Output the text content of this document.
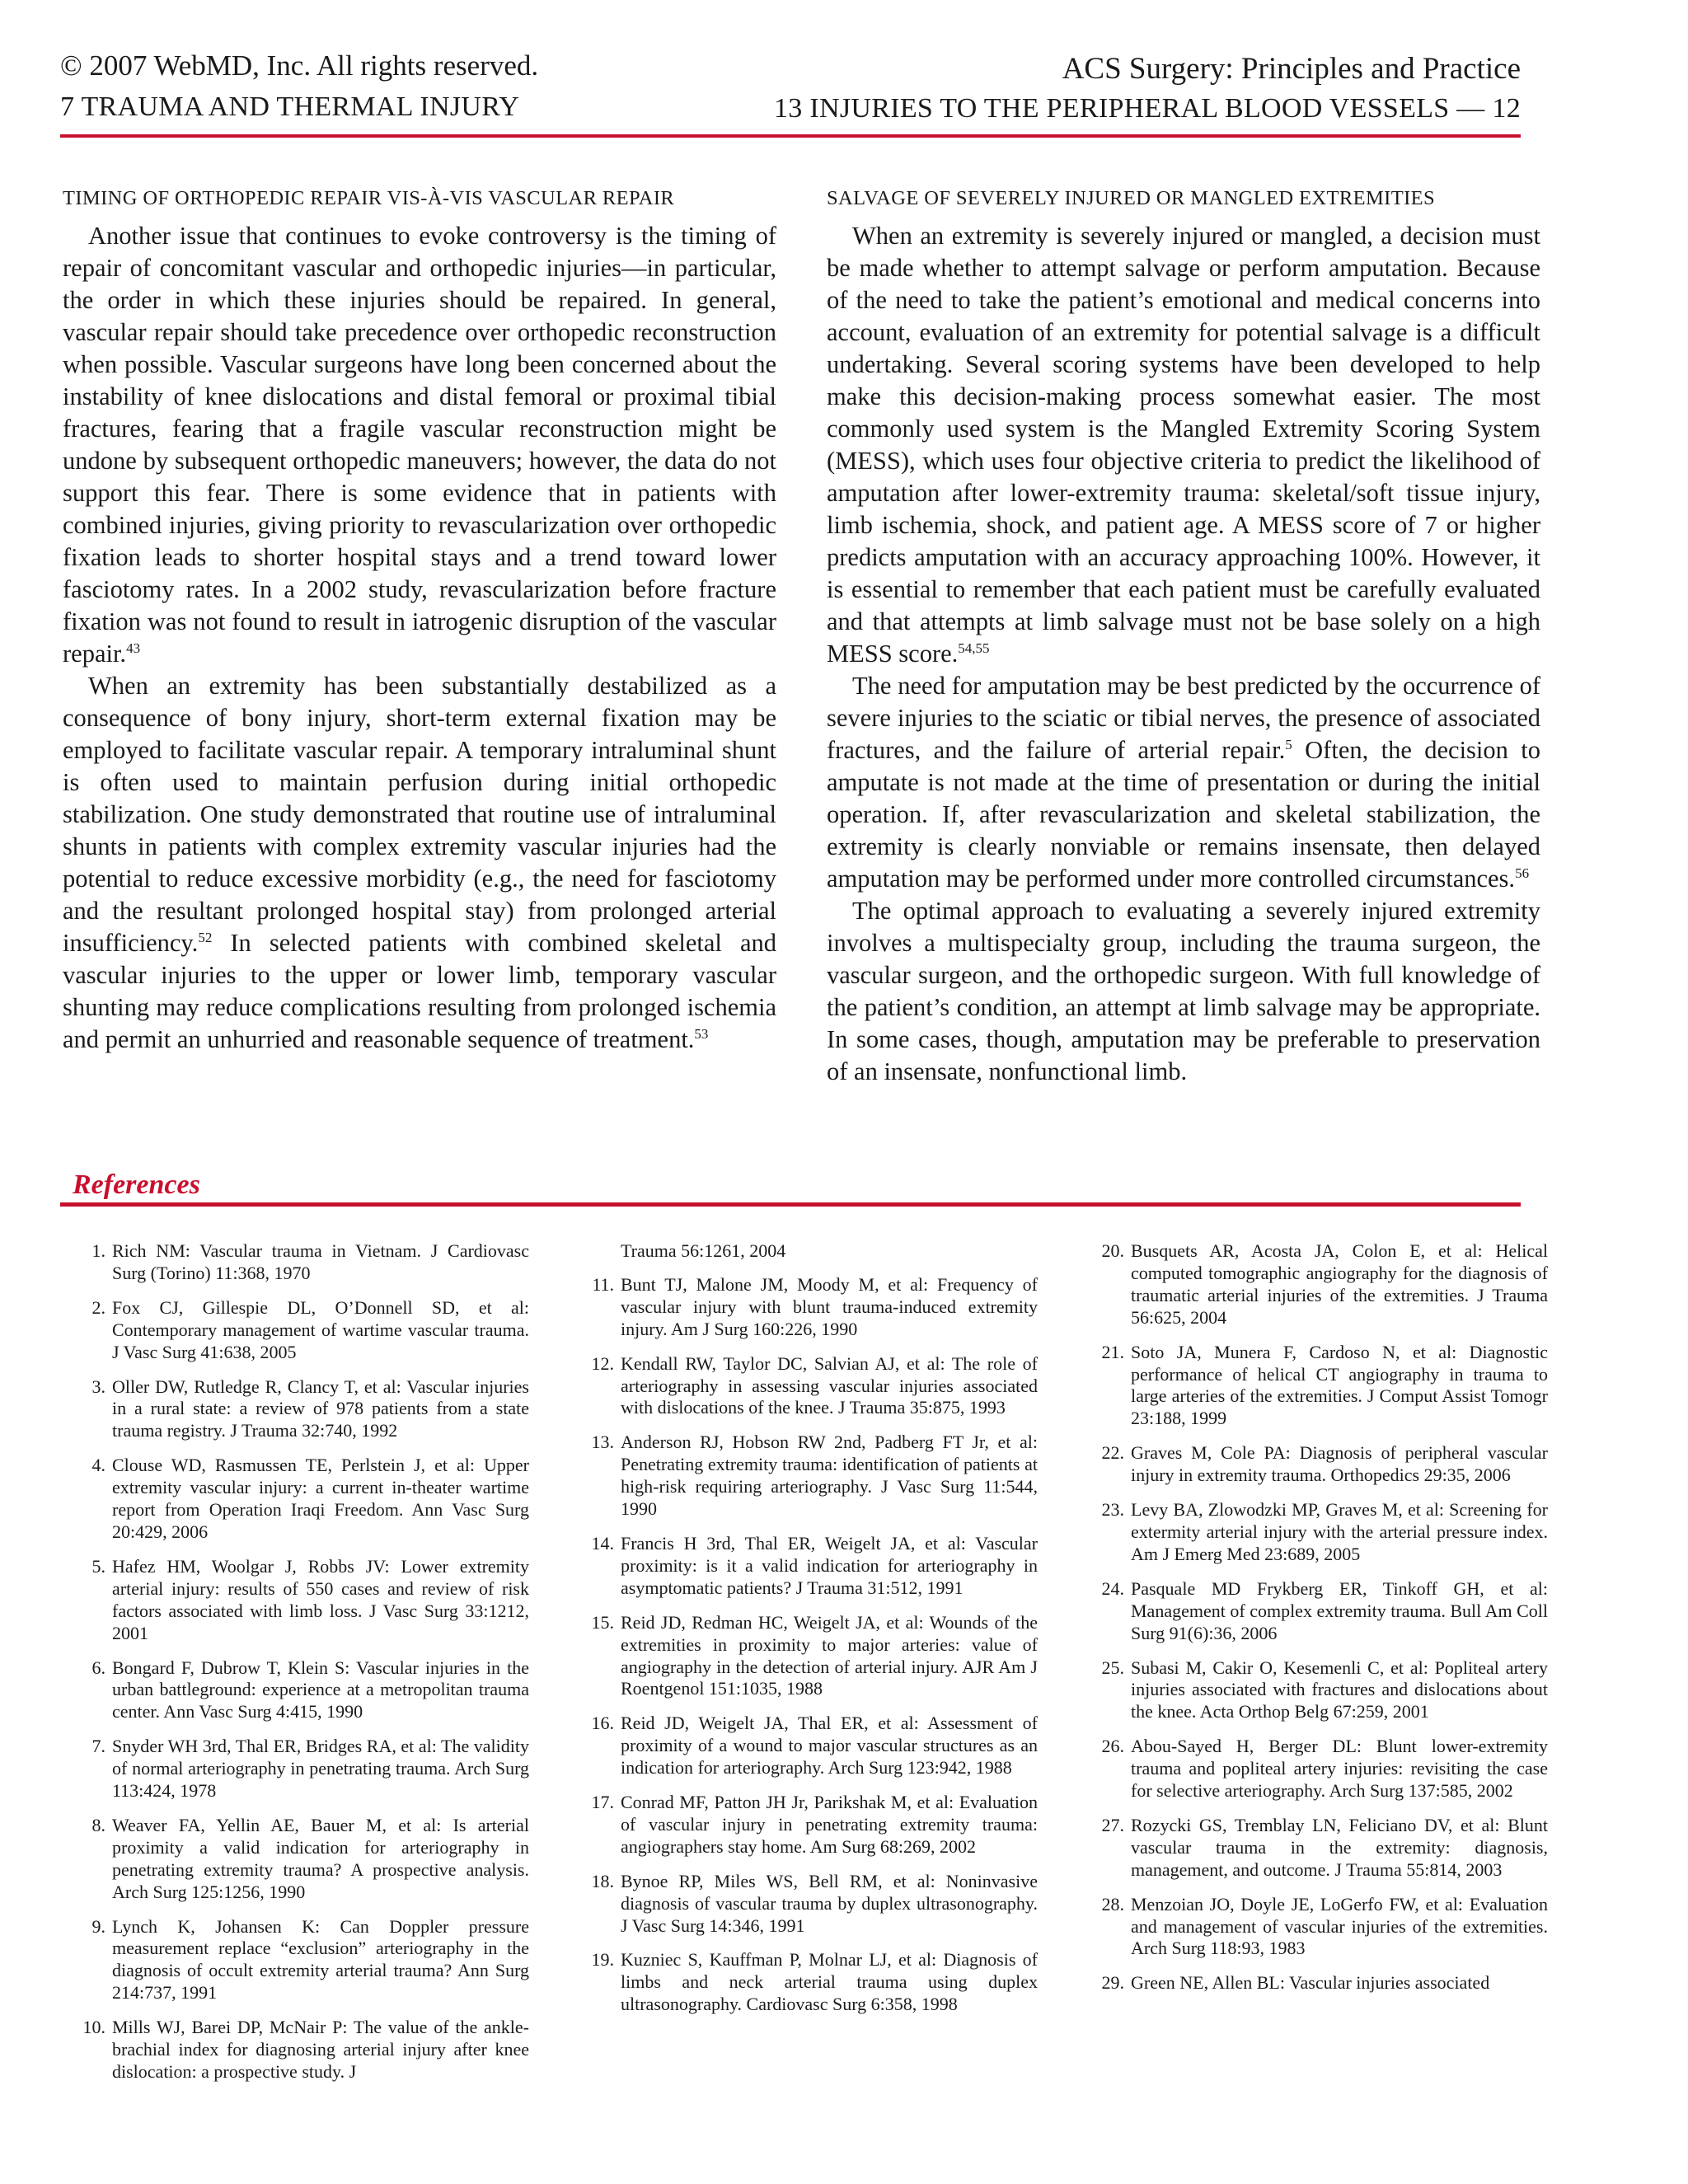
© 2007 WebMD, Inc. All rights reserved.	ACS Surgery: Principles and Practice
7 TRAUMA AND THERMAL INJURY	13 INJURIES TO THE PERIPHERAL BLOOD VESSELS — 12
TIMING OF ORTHOPEDIC REPAIR VIS-À-VIS VASCULAR REPAIR

Another issue that continues to evoke controversy is the timing of repair of concomitant vascular and orthopedic injuries—in particular, the order in which these injuries should be repaired. In general, vascular repair should take precedence over orthopedic reconstruction when possible. Vascular surgeons have long been concerned about the instability of knee dislocations and distal femoral or proximal tibial fractures, fearing that a fragile vascular reconstruction might be undone by subsequent orthopedic maneuvers; however, the data do not support this fear. There is some evidence that in patients with combined injuries, giving priority to revascularization over orthopedic fixation leads to shorter hospital stays and a trend toward lower fasciotomy rates. In a 2002 study, revascularization before fracture fixation was not found to result in iatrogenic disruption of the vascular repair.$^{43}$

When an extremity has been substantially destabilized as a consequence of bony injury, short-term external fixation may be employed to facilitate vascular repair. A temporary intraluminal shunt is often used to maintain perfusion during initial orthopedic stabilization. One study demonstrated that routine use of intraluminal shunts in patients with complex extremity vascular injuries had the potential to reduce excessive morbidity (e.g., the need for fasciotomy and the resultant prolonged hospital stay) from prolonged arterial insufficiency.$^{52}$ In selected patients with combined skeletal and vascular injuries to the upper or lower limb, temporary vascular shunting may reduce complications resulting from prolonged ischemia and permit an unhurried and reasonable sequence of treatment.$^{53}$

SALVAGE OF SEVERELY INJURED OR MANGLED EXTREMITIES

When an extremity is severely injured or mangled, a decision must be made whether to attempt salvage or perform amputation. Because of the need to take the patient’s emotional and medical concerns into account, evaluation of an extremity for potential salvage is a difficult undertaking. Several scoring systems have been developed to help make this decision-making process somewhat easier. The most commonly used system is the Mangled Extremity Scoring System (MESS), which uses four objective criteria to predict the likelihood of amputation after lower-extremity trauma: skeletal/soft tissue injury, limb ischemia, shock, and patient age. A MESS score of 7 or higher predicts amputation with an accuracy approaching 100%. However, it is essential to remember that each patient must be carefully evaluated and that attempts at limb salvage must not be base solely on a high MESS score.$^{54,55}$

The need for amputation may be best predicted by the occurrence of severe injuries to the sciatic or tibial nerves, the presence of associated fractures, and the failure of arterial repair.$^5$ Often, the decision to amputate is not made at the time of presentation or during the initial operation. If, after revascularization and skeletal stabilization, the extremity is clearly nonviable or remains insensate, then delayed amputation may be performed under more controlled circumstances.$^{56}$

The optimal approach to evaluating a severely injured extremity involves a multispecialty group, including the trauma surgeon, the vascular surgeon, and the orthopedic surgeon. With full knowledge of the patient’s condition, an attempt at limb salvage may be appropriate. In some cases, though, amputation may be preferable to preservation of an insensate, nonfunctional limb.

References
1. Rich NM: Vascular trauma in Vietnam. J Cardiovasc Surg (Torino) 11:368, 1970
2. Fox CJ, Gillespie DL, O’Donnell SD, et al: Contemporary management of wartime vascular trauma. J Vasc Surg 41:638, 2005
3. Oller DW, Rutledge R, Clancy T, et al: Vascular injuries in a rural state: a review of 978 patients from a state trauma registry. J Trauma 32:740, 1992
4. Clouse WD, Rasmussen TE, Perlstein J, et al: Upper extremity vascular injury: a current in-theater wartime report from Operation Iraqi Freedom. Ann Vasc Surg 20:429, 2006
5. Hafez HM, Woolgar J, Robbs JV: Lower extremity arterial injury: results of 550 cases and review of risk factors associated with limb loss. J Vasc Surg 33:1212, 2001
6. Bongard F, Dubrow T, Klein S: Vascular injuries in the urban battleground: experience at a metropolitan trauma center. Ann Vasc Surg 4:415, 1990
7. Snyder WH 3rd, Thal ER, Bridges RA, et al: The validity of normal arteriography in penetrating trauma. Arch Surg 113:424, 1978
8. Weaver FA, Yellin AE, Bauer M, et al: Is arterial proximity a valid indication for arteriography in penetrating extremity trauma? A prospective analysis. Arch Surg 125:1256, 1990
9. Lynch K, Johansen K: Can Doppler pressure measurement replace “exclusion” arteriography in the diagnosis of occult extremity arterial trauma? Ann Surg 214:737, 1991
10. Mills WJ, Barei DP, McNair P: The value of the ankle-brachial index for diagnosing arterial injury after knee dislocation: a prospective study. J
Trauma 56:1261, 2004
11. Bunt TJ, Malone JM, Moody M, et al: Frequency of vascular injury with blunt trauma-induced extremity injury. Am J Surg 160:226, 1990
12. Kendall RW, Taylor DC, Salvian AJ, et al: The role of arteriography in assessing vascular injuries associated with dislocations of the knee. J Trauma 35:875, 1993
13. Anderson RJ, Hobson RW 2nd, Padberg FT Jr, et al: Penetrating extremity trauma: identification of patients at high-risk requiring arteriography. J Vasc Surg 11:544, 1990
14. Francis H 3rd, Thal ER, Weigelt JA, et al: Vascular proximity: is it a valid indication for arteriography in asymptomatic patients? J Trauma 31:512, 1991
15. Reid JD, Redman HC, Weigelt JA, et al: Wounds of the extremities in proximity to major arteries: value of angiography in the detection of arterial injury. AJR Am J Roentgenol 151:1035, 1988
16. Reid JD, Weigelt JA, Thal ER, et al: Assessment of proximity of a wound to major vascular structures as an indication for arteriography. Arch Surg 123:942, 1988
17. Conrad MF, Patton JH Jr, Parikshak M, et al: Evaluation of vascular injury in penetrating extremity trauma: angiographers stay home. Am Surg 68:269, 2002
18. Bynoe RP, Miles WS, Bell RM, et al: Noninvasive diagnosis of vascular trauma by duplex ultrasonography. J Vasc Surg 14:346, 1991
19. Kuzniec S, Kauffman P, Molnar LJ, et al: Diagnosis of limbs and neck arterial trauma using duplex ultrasonography. Cardiovasc Surg 6:358, 1998
20. Busquets AR, Acosta JA, Colon E, et al: Helical computed tomographic angiography for the diagnosis of traumatic arterial injuries of the extremities. J Trauma 56:625, 2004
21. Soto JA, Munera F, Cardoso N, et al: Diagnostic performance of helical CT angiography in trauma to large arteries of the extremities. J Comput Assist Tomogr 23:188, 1999
22. Graves M, Cole PA: Diagnosis of peripheral vascular injury in extremity trauma. Orthopedics 29:35, 2006
23. Levy BA, Zlowodzki MP, Graves M, et al: Screening for extermity arterial injury with the arterial pressure index. Am J Emerg Med 23:689, 2005
24. Pasquale MD Frykberg ER, Tinkoff GH, et al: Management of complex extremity trauma. Bull Am Coll Surg 91(6):36, 2006
25. Subasi M, Cakir O, Kesemenli C, et al: Popliteal artery injuries associated with fractures and dislocations about the knee. Acta Orthop Belg 67:259, 2001
26. Abou-Sayed H, Berger DL: Blunt lower-extremity trauma and popliteal artery injuries: revisiting the case for selective arteriography. Arch Surg 137:585, 2002
27. Rozycki GS, Tremblay LN, Feliciano DV, et al: Blunt vascular trauma in the extremity: diagnosis, management, and outcome. J Trauma 55:814, 2003
28. Menzoian JO, Doyle JE, LoGerfo FW, et al: Evaluation and management of vascular injuries of the extremities. Arch Surg 118:93, 1983
29. Green NE, Allen BL: Vascular injuries associated
